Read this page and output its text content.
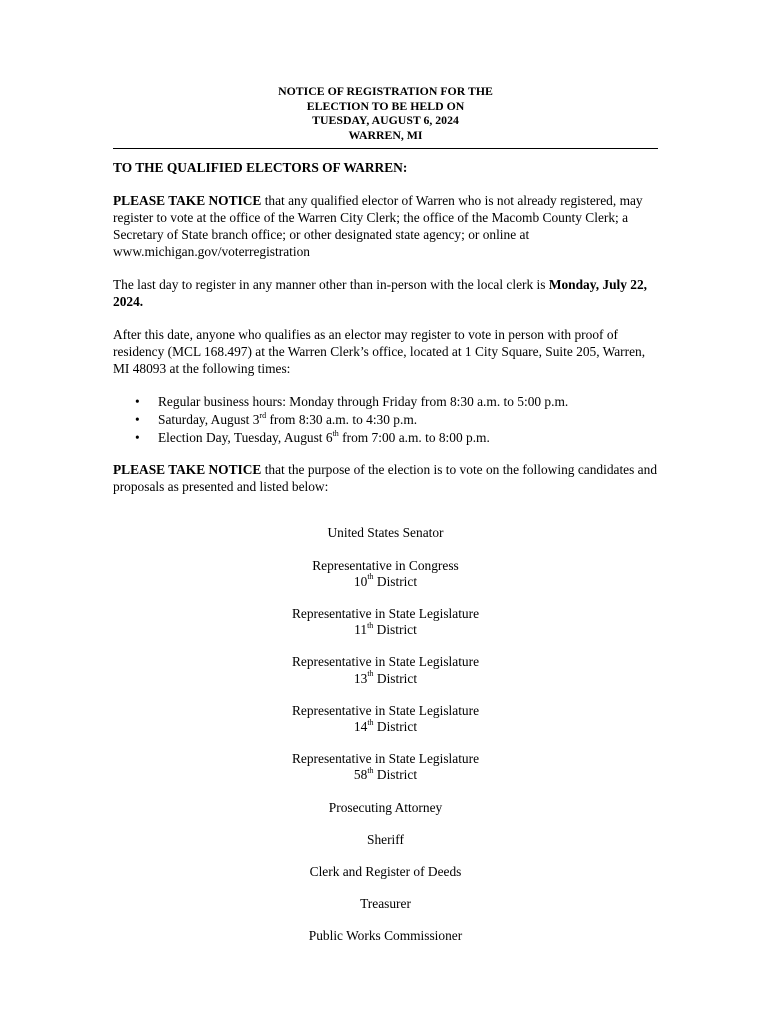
NOTICE OF REGISTRATION FOR THE
ELECTION TO BE HELD ON
TUESDAY, AUGUST 6, 2024
WARREN, MI
TO THE QUALIFIED ELECTORS OF WARREN:

PLEASE TAKE NOTICE that any qualified elector of Warren who is not already registered, may register to vote at the office of the Warren City Clerk; the office of the Macomb County Clerk; a Secretary of State branch office; or other designated state agency; or online at www.michigan.gov/voterregistration

The last day to register in any manner other than in-person with the local clerk is Monday, July 22, 2024.

After this date, anyone who qualifies as an elector may register to vote in person with proof of residency (MCL 168.497) at the Warren Clerk’s office, located at 1 City Square, Suite 205, Warren, MI 48093 at the following times:

• Regular business hours: Monday through Friday from 8:30 a.m. to 5:00 p.m.
• Saturday, August 3rd from 8:30 a.m. to 4:30 p.m.
• Election Day, Tuesday, August 6th from 7:00 a.m. to 8:00 p.m.

PLEASE TAKE NOTICE that the purpose of the election is to vote on the following candidates and proposals as presented and listed below:

United States Senator
Representative in Congress
10th District
Representative in State Legislature
11th District
Representative in State Legislature
13th District
Representative in State Legislature
14th District
Representative in State Legislature
58th District
Prosecuting Attorney
Sheriff
Clerk and Register of Deeds
Treasurer
Public Works Commissioner
